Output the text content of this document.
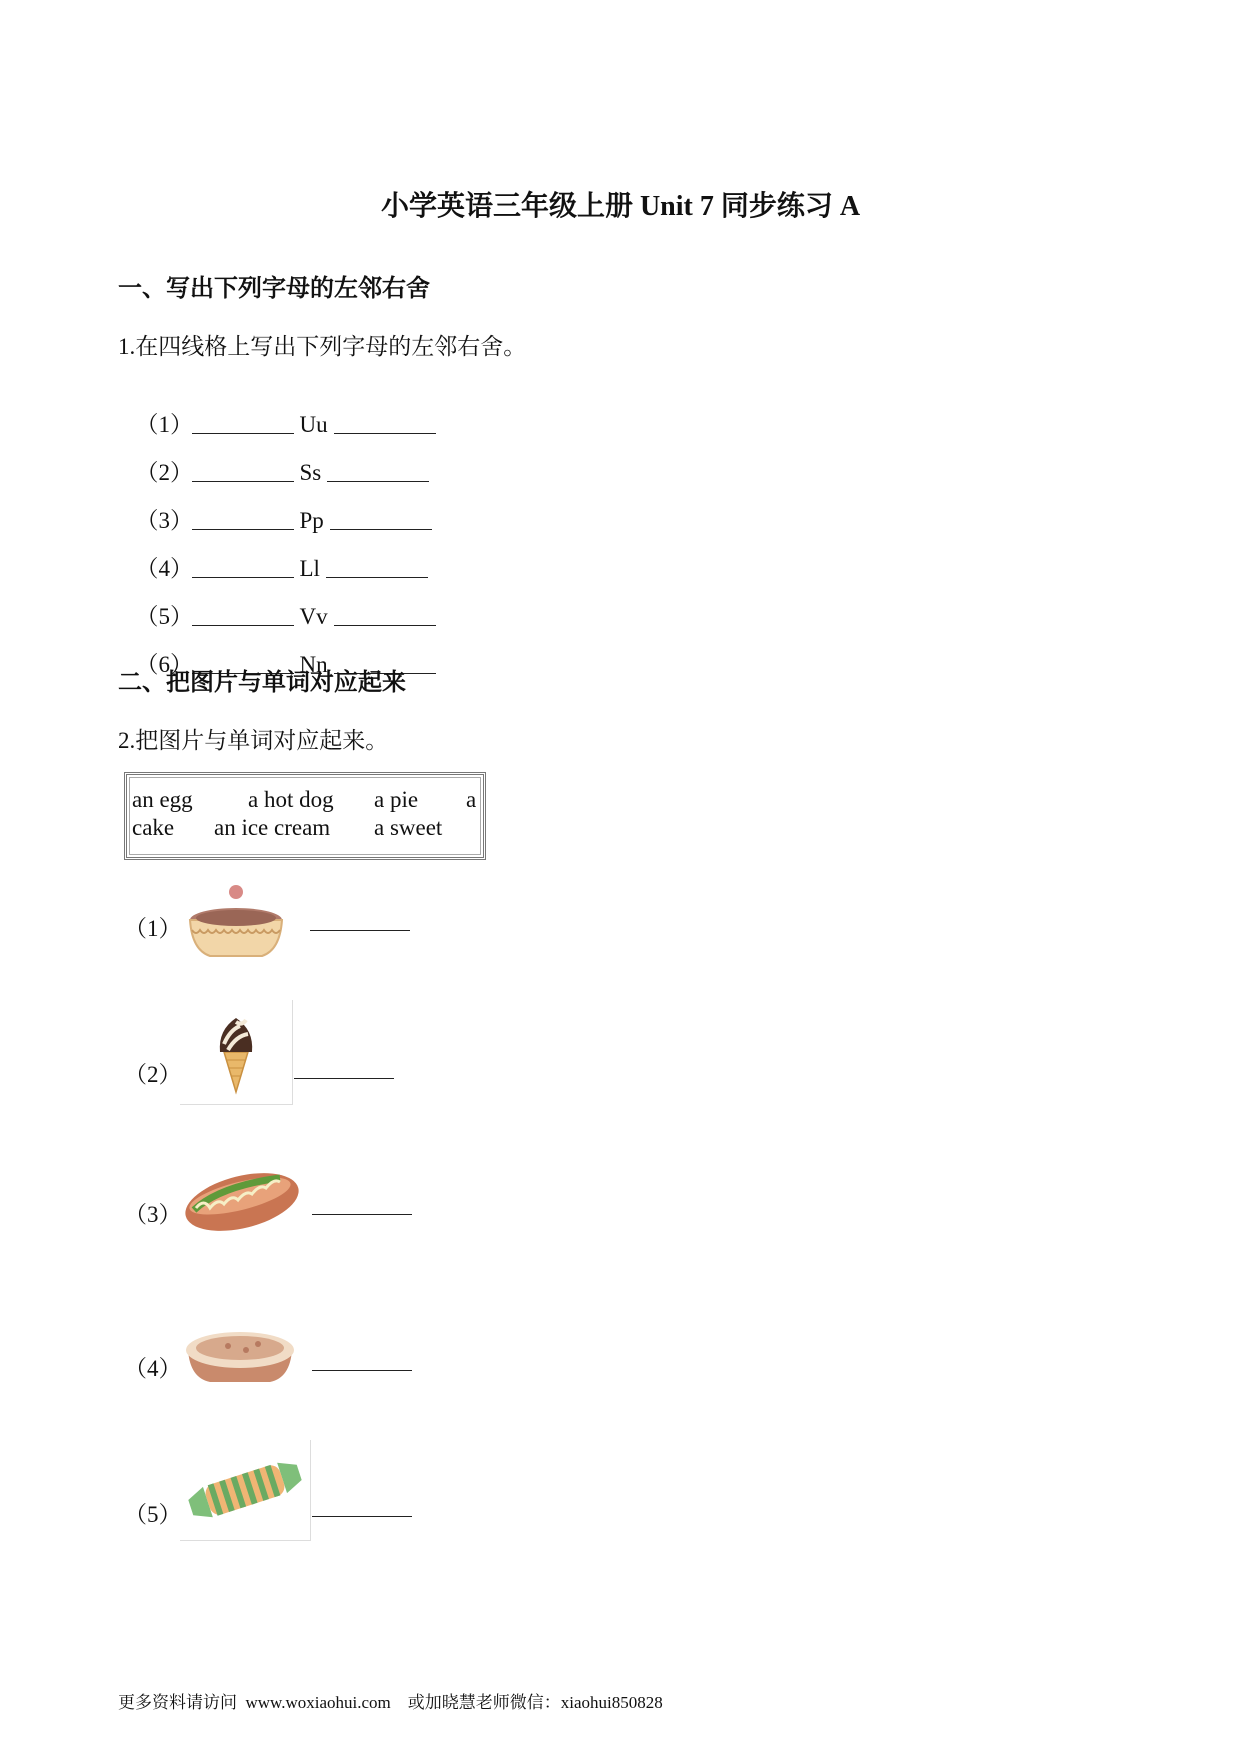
小学英语三年级上册 Unit 7 同步练习 A
一、写出下列字母的左邻右舍
1.在四线格上写出下列字母的左邻右舍。

（1）	Uu

（2）	Ss

（3）	Pp

（4）	Ll

（5）	Vv

（6）	Nn

二、把图片与单词对应起来
2.把图片与单词对应起来。
an egg a hot dog a pie a
cake an ice cream a sweet
（1）
（2）
（3）
（4）
（5）
更多资料请访问  www.woxiaohui.com    或加晓慧老师微信：xiaohui850828
